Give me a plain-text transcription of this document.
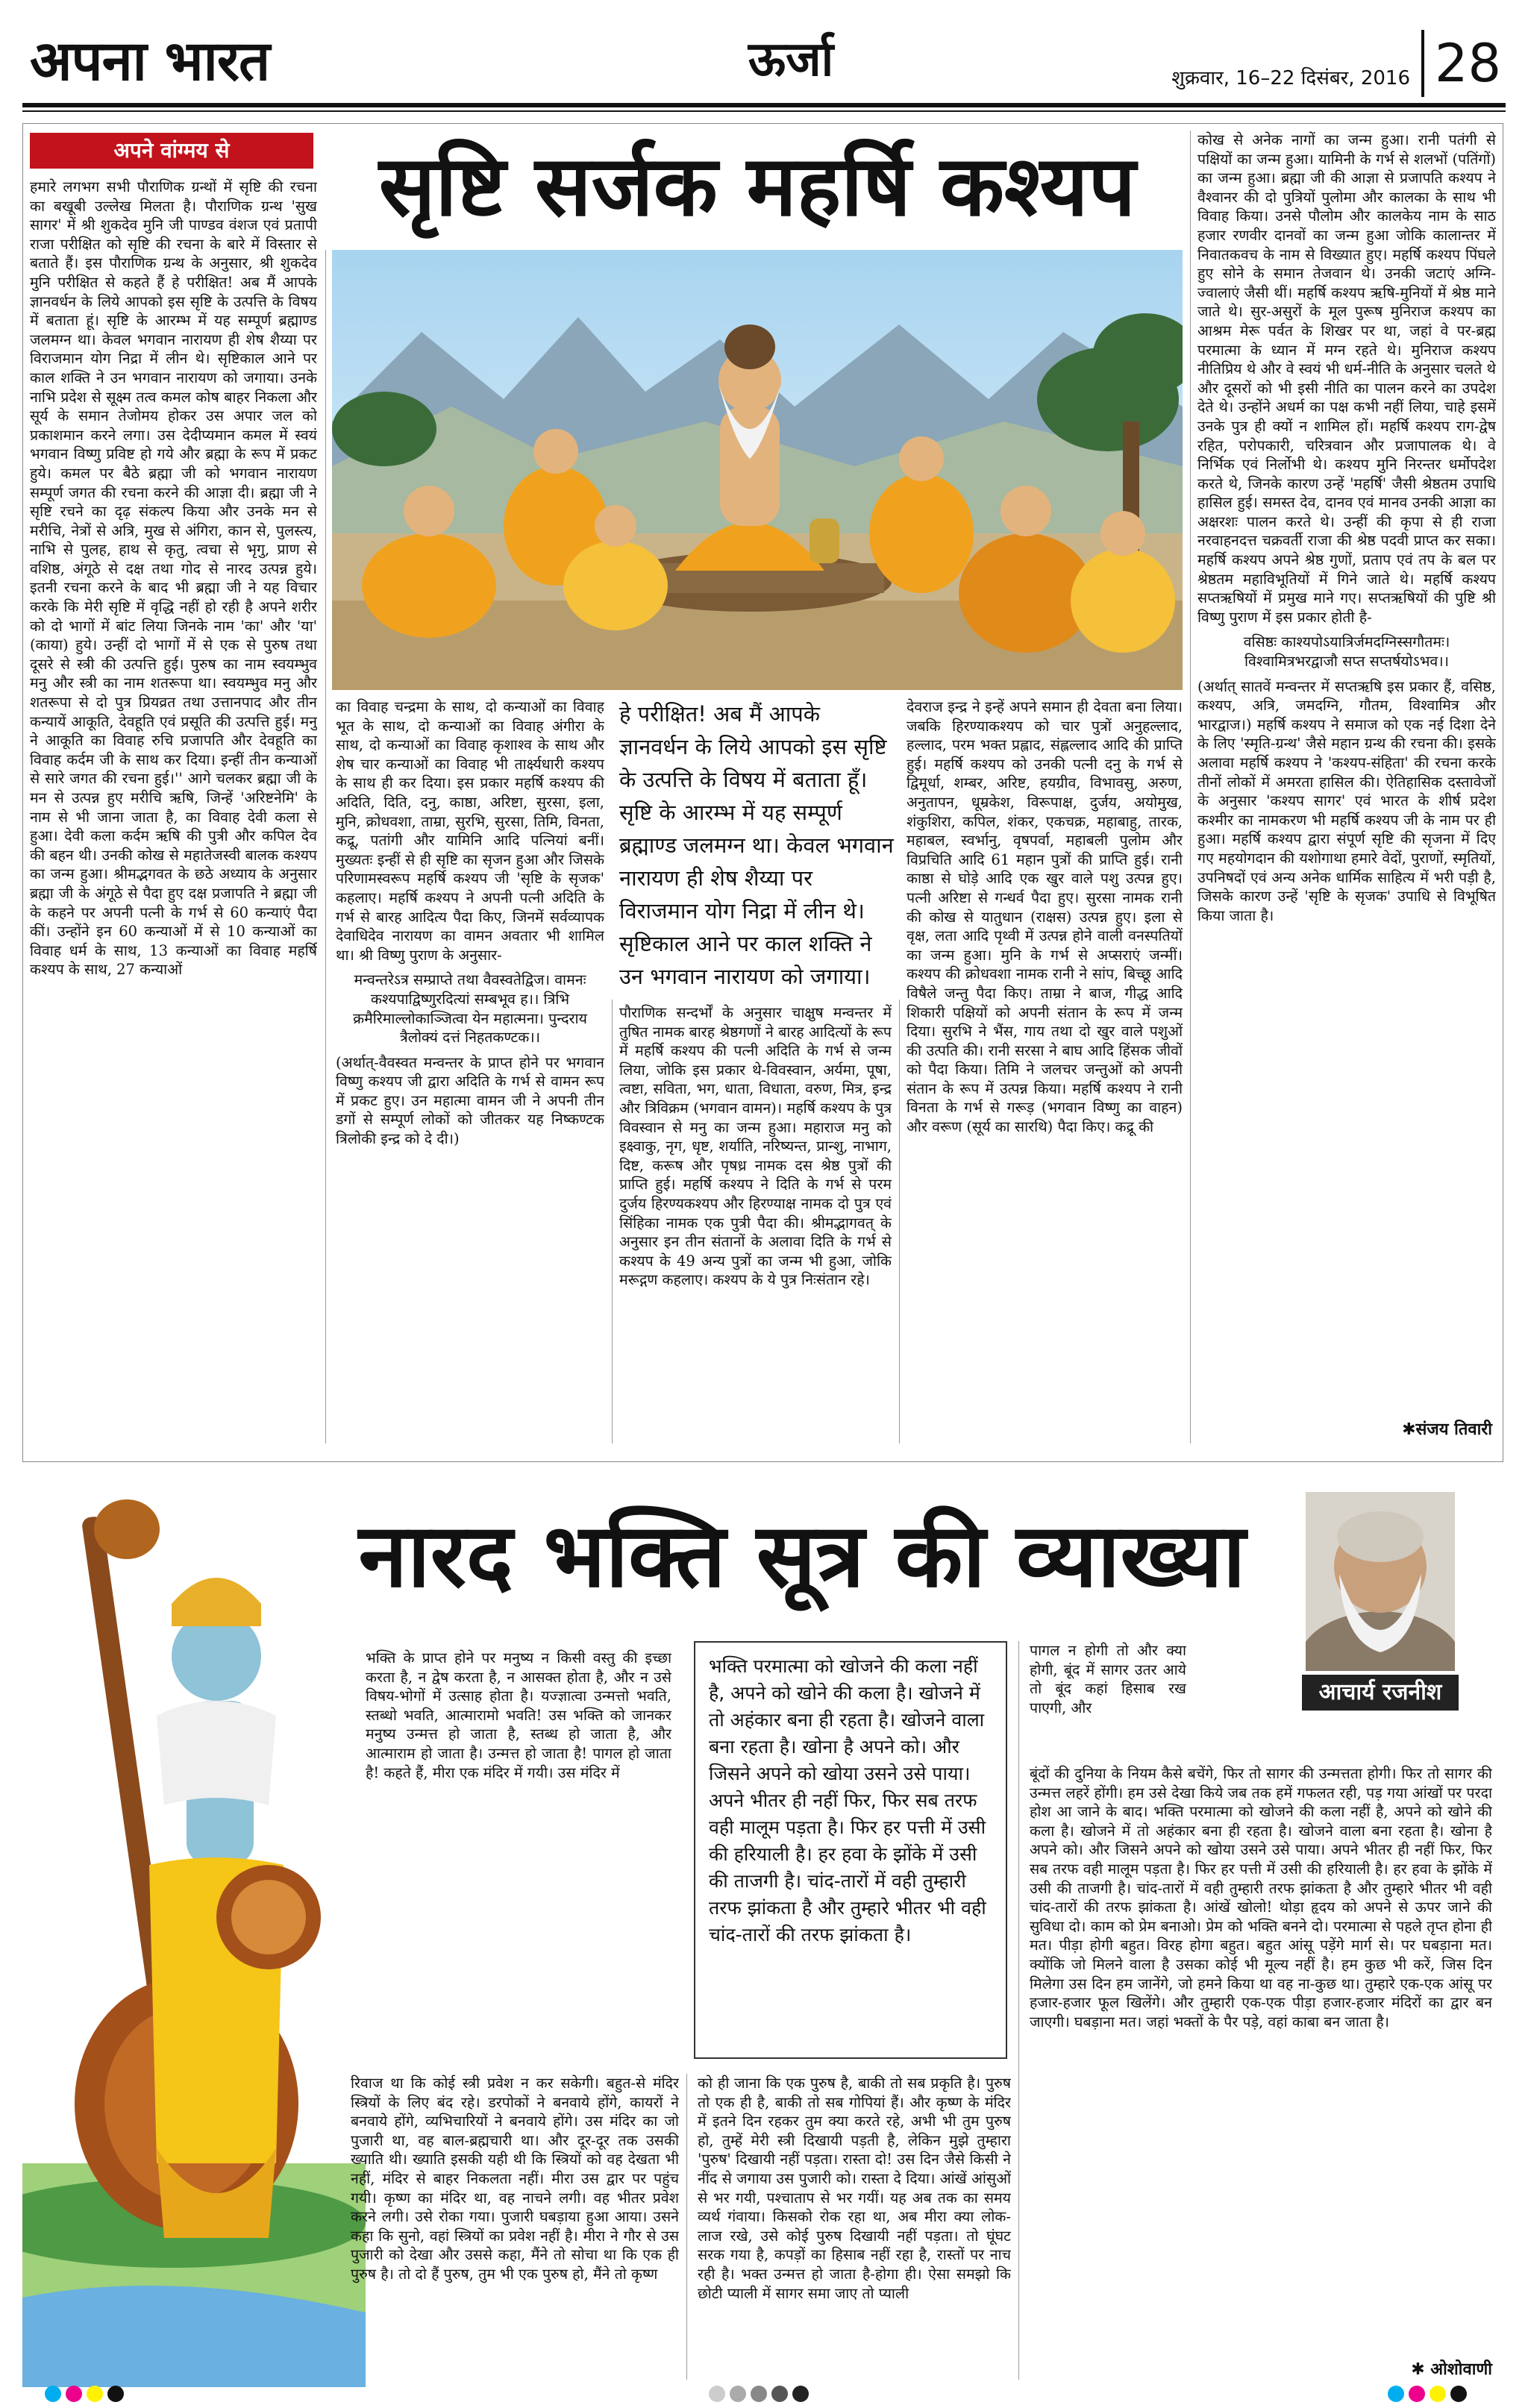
अपना भारत	ऊर्जा	शुक्रवार, 16–22 दिसंबर, 2016 28
अपने वांग्मय से	सृष्टि सर्जक महर्षि कश्यप

हमारे लगभग सभी पौराणिक ग्रन्थों में सृष्टि की रचना का बखूबी उल्लेख मिलता है। पौराणिक ग्रन्थ 'सुख सागर' में श्री शुकदेव मुनि जी पाण्डव वंशज एवं प्रतापी राजा परीक्षित को सृष्टि की रचना के बारे में विस्तार से बताते हैं। इस पौराणिक ग्रन्थ के अनुसार, श्री शुकदेव मुनि परीक्षित से कहते हैं हे परीक्षित! अब मैं आपके ज्ञानवर्धन के लिये आपको इस सृष्टि के उत्पत्ति के विषय में बताता हूं। सृष्टि के आरम्भ में यह सम्पूर्ण ब्रह्माण्ड जलमग्न था। केवल भगवान नारायण ही शेष शैय्या पर विराजमान योग निद्रा में लीन थे। सृष्टिकाल आने पर काल शक्ति ने उन भगवान नारायण को जगाया। उनके नाभि प्रदेश से सूक्ष्म तत्व कमल कोष बाहर निकला और सूर्य के समान तेजोमय होकर उस अपार जल को प्रकाशमान करने लगा। उस देदीप्यमान कमल में स्वयं भगवान विष्णु प्रविष्ट हो गये और ब्रह्मा के रूप में प्रकट हुये। कमल पर बैठे ब्रह्मा जी को भगवान नारायण सम्पूर्ण जगत की रचना करने की आज्ञा दी। ब्रह्मा जी ने सृष्टि रचने का दृढ़ संकल्प किया और उनके मन से मरीचि, नेत्रों से अत्रि, मुख से अंगिरा, कान से, पुलस्त्य, नाभि से पुलह, हाथ से कृतु, त्वचा से भृगु, प्राण से वशिष्ठ, अंगूठे से दक्ष तथा गोद से नारद उत्पन्न हुये। इतनी रचना करने के बाद भी ब्रह्मा जी ने यह विचार करके कि मेरी सृष्टि में वृद्धि नहीं हो रही है अपने शरीर को दो भागों में बांट लिया जिनके नाम 'का' और 'या' (काया) हुये। उन्हीं दो भागों में से एक से पुरुष तथा दूसरे से स्त्री की उत्पत्ति हुई। पुरुष का नाम स्वयम्भुव मनु और स्त्री का नाम शतरूपा था। स्वयम्भुव मनु और शतरूपा से दो पुत्र प्रियव्रत तथा उत्तानपाद और तीन कन्यायें आकूति, देवहूति एवं प्रसूति की उत्पत्ति हुई। मनु ने आकूति का विवाह रुचि प्रजापति और देवहूति का विवाह कर्दम जी के साथ कर दिया। इन्हीं तीन कन्याओं से सारे जगत की रचना हुई।'' आगे चलकर ब्रह्मा जी के मन से उत्पन्न हुए मरीचि ऋषि, जिन्हें 'अरिष्टनेमि' के नाम से भी जाना जाता है, का विवाह देवी कला से हुआ। देवी कला कर्दम ऋषि की पुत्री और कपिल देव की बहन थी। उनकी कोख से महातेजस्वी बालक कश्यप का जन्म हुआ। श्रीमद्भगवत के छठे अध्याय के अनुसार ब्रह्मा जी के अंगूठे से पैदा हुए दक्ष प्रजापति ने ब्रह्मा जी के कहने पर अपनी पत्नी के गर्भ से 60 कन्याएं पैदा कीं। उन्होंने इन 60 कन्याओं में से 10 कन्याओं का विवाह धर्म के साथ, 13 कन्याओं का विवाह महर्षि कश्यप के साथ, 27 कन्याओं

का विवाह चन्द्रमा के साथ, दो कन्याओं का विवाह भूत के साथ, दो कन्याओं का विवाह अंगीरा के साथ, दो कन्याओं का विवाह कृशाश्व के साथ और शेष चार कन्याओं का विवाह भी तार्क्ष्यधारी कश्यप के साथ ही कर दिया। इस प्रकार महर्षि कश्यप की अदिति, दिति, दनु, काष्ठा, अरिष्टा, सुरसा, इला, मुनि, क्रोधवशा, ताम्रा, सुरभि, सुरसा, तिमि, विनता, कद्रू, पतांगी और यामिनि आदि पत्नियां बनीं। मुख्यतः इन्हीं से ही सृष्टि का सृजन हुआ और जिसके परिणामस्वरूप महर्षि कश्यप जी 'सृष्टि के सृजक' कहलाए। महर्षि कश्यप ने अपनी पत्नी अदिति के गर्भ से बारह आदित्य पैदा किए, जिनमें सर्वव्यापक देवाधिदेव नारायण का वामन अवतार भी शामिल था। श्री विष्णु पुराण के अनुसार-

मन्वन्तरेऽत्र सम्प्राप्ते तथा वैवस्वतेद्विज। वामनः कश्यपाद्विष्णुरदित्यां सम्बभूव ह।। त्रिभि क्रमैरिमाल्लोकाञ्जित्वा येन महात्मना। पुन्दराय त्रैलोक्यं दत्तं निहतकण्टक।।

(अर्थात्-वैवस्वत मन्वन्तर के प्राप्त होने पर भगवान विष्णु कश्यप जी द्वारा अदिति के गर्भ से वामन रूप में प्रकट हुए। उन महात्मा वामन जी ने अपनी तीन डगों से सम्पूर्ण लोकों को जीतकर यह निष्कण्टक त्रिलोकी इन्द्र को दे दी।)

हे परीक्षित! अब मैं आपके ज्ञानवर्धन के लिये आपको इस सृष्टि के उत्पत्ति के विषय में बताता हूँ। सृष्टि के आरम्भ में यह सम्पूर्ण ब्रह्माण्ड जलमग्न था। केवल भगवान नारायण ही शेष शैय्या पर विराजमान योग निद्रा में लीन थे। सृष्टिकाल आने पर काल शक्ति ने उन भगवान नारायण को जगाया।

पौराणिक सन्दर्भों के अनुसार चाक्षुष मन्वन्तर में तुषित नामक बारह श्रेष्ठगणों ने बारह आदित्यों के रूप में महर्षि कश्यप की पत्नी अदिति के गर्भ से जन्म लिया, जोकि इस प्रकार थे-विवस्वान, अर्यमा, पूषा, त्वष्टा, सविता, भग, धाता, विधाता, वरुण, मित्र, इन्द्र और त्रिविक्रम (भगवान वामन)। महर्षि कश्यप के पुत्र विवस्वान से मनु का जन्म हुआ। महाराज मनु को इक्ष्वाकु, नृग, धृष्ट, शर्याति, नरिष्यन्त, प्रान्शु, नाभाग, दिष्ट, करूष और पृषध्र नामक दस श्रेष्ठ पुत्रों की प्राप्ति हुई। महर्षि कश्यप ने दिति के गर्भ से परम दुर्जय हिरण्यकश्यप और हिरण्याक्ष नामक दो पुत्र एवं सिंहिका नामक एक पुत्री पैदा की। श्रीमद्भागवत् के अनुसार इन तीन संतानों के अलावा दिति के गर्भ से कश्यप के 49 अन्य पुत्रों का जन्म भी हुआ, जोकि मरूद्गण कहलाए। कश्यप के ये पुत्र निःसंतान रहे।

देवराज इन्द्र ने इन्हें अपने समान ही देवता बना लिया। जबकि हिरण्याकश्यप को चार पुत्रों अनुहल्लाद, हल्लाद, परम भक्त प्रह्लाद, संह्लल्लाद आदि की प्राप्ति हुई। महर्षि कश्यप को उनकी पत्नी दनु के गर्भ से द्विमूर्धा, शम्बर, अरिष्ट, हयग्रीव, विभावसु, अरुण, अनुतापन, धूम्रकेश, विरूपाक्ष, दुर्जय, अयोमुख, शंकुशिरा, कपिल, शंकर, एकचक्र, महाबाहु, तारक, महाबल, स्वर्भानु, वृषपर्वा, महाबली पुलोम और विप्रचिति आदि 61 महान पुत्रों की प्राप्ति हुई। रानी काष्ठा से घोड़े आदि एक खुर वाले पशु उत्पन्न हुए। पत्नी अरिष्टा से गन्धर्व पैदा हुए। सुरसा नामक रानी की कोख से यातुधान (राक्षस) उत्पन्न हुए। इला से वृक्ष, लता आदि पृथ्वी में उत्पन्न होने वाली वनस्पतियों का जन्म हुआ। मुनि के गर्भ से अप्सराएं जन्मीं। कश्यप की क्रोधवशा नामक रानी ने सांप, बिच्छू आदि विषैले जन्तु पैदा किए। ताम्रा ने बाज, गीद्ध आदि शिकारी पक्षियों को अपनी संतान के रूप में जन्म दिया। सुरभि ने भैंस, गाय तथा दो खुर वाले पशुओं की उत्पति की। रानी सरसा ने बाघ आदि हिंसक जीवों को पैदा किया। तिमि ने जलचर जन्तुओं को अपनी संतान के रूप में उत्पन्न किया। महर्षि कश्यप ने रानी विनता के गर्भ से गरूड़ (भगवान विष्णु का वाहन) और वरूण (सूर्य का सारथि) पैदा किए। कद्रू की

कोख से अनेक नागों का जन्म हुआ। रानी पतंगी से पक्षियों का जन्म हुआ। यामिनी के गर्भ से शलभों (पतिंगों) का जन्म हुआ। ब्रह्मा जी की आज्ञा से प्रजापति कश्यप ने वैश्वानर की दो पुत्रियों पुलोमा और कालका के साथ भी विवाह किया। उनसे पौलोम और कालकेय नाम के साठ हजार रणवीर दानवों का जन्म हुआ जोकि कालान्तर में निवातकवच के नाम से विख्यात हुए। महर्षि कश्यप पिंघले हुए सोने के समान तेजवान थे। उनकी जटाएं अग्नि-ज्वालाएं जैसी थीं। महर्षि कश्यप ऋषि-मुनियों में श्रेष्ठ माने जाते थे। सुर-असुरों के मूल पुरूष मुनिराज कश्यप का आश्रम मेरू पर्वत के शिखर पर था, जहां वे पर-ब्रह्म परमात्मा के ध्यान में मग्न रहते थे। मुनिराज कश्यप नीतिप्रिय थे और वे स्वयं भी धर्म-नीति के अनुसार चलते थे और दूसरों को भी इसी नीति का पालन करने का उपदेश देते थे। उन्होंने अधर्म का पक्ष कभी नहीं लिया, चाहे इसमें उनके पुत्र ही क्यों न शामिल हों। महर्षि कश्यप राग-द्वेष रहित, परोपकारी, चरित्रवान और प्रजापालक थे। वे निर्भिक एवं निर्लोभी थे। कश्यप मुनि निरन्तर धर्मोपदेश करते थे, जिनके कारण उन्हें 'महर्षि' जैसी श्रेष्ठतम उपाधि हासिल हुई। समस्त देव, दानव एवं मानव उनकी आज्ञा का अक्षरशः पालन करते थे। उन्हीं की कृपा से ही राजा नरवाहनदत्त चक्रवर्ती राजा की श्रेष्ठ पदवी प्राप्त कर सका। महर्षि कश्यप अपने श्रेष्ठ गुणों, प्रताप एवं तप के बल पर श्रेष्ठतम महाविभूतियों में गिने जाते थे। महर्षि कश्यप सप्तऋषियों में प्रमुख माने गए। सप्तऋषियों की पुष्टि श्री विष्णु पुराण में इस प्रकार होती है-

वसिष्ठः काश्यपोऽयात्रिर्जमदग्निस्सगौतमः। विश्वामित्रभरद्वाजौ सप्त सप्तर्षयोऽभव।।

(अर्थात् सातवें मन्वन्तर में सप्तऋषि इस प्रकार हैं, वसिष्ठ, कश्यप, अत्रि, जमदग्नि, गौतम, विश्वामित्र और भारद्वाज।) महर्षि कश्यप ने समाज को एक नई दिशा देने के लिए 'स्मृति-ग्रन्थ' जैसे महान ग्रन्थ की रचना की। इसके अलावा महर्षि कश्यप ने 'कश्यप-संहिता' की रचना करके तीनों लोकों में अमरता हासिल की। ऐतिहासिक दस्तावेजों के अनुसार 'कश्यप सागर' एवं भारत के शीर्ष प्रदेश कश्मीर का नामकरण भी महर्षि कश्यप जी के नाम पर ही हुआ। महर्षि कश्यप द्वारा संपूर्ण सृष्टि की सृजना में दिए गए महयोगदान की यशोगाथा हमारे वेदों, पुराणों, स्मृतियों, उपनिषदों एवं अन्य अनेक धार्मिक साहित्य में भरी पड़ी है, जिसके कारण उन्हें 'सृष्टि के सृजक' उपाधि से विभूषित किया जाता है।

✱संजय तिवारी
नारद भक्ति सूत्र की व्याख्या
आचार्य रजनीश

भक्ति के प्राप्त होने पर मनुष्य न किसी वस्तु की इच्छा करता है, न द्वेष करता है, न आसक्त होता है, और न उसे विषय-भोगों में उत्साह होता है। यज्ज्ञात्वा उन्मत्तो भवति, स्तब्धो भवति, आत्मारामो भवति! उस भक्ति को जानकर मनुष्य उन्मत्त हो जाता है, स्तब्ध हो जाता है, और आत्माराम हो जाता है। उन्मत्त हो जाता है! पागल हो जाता है! कहते हैं, मीरा एक मंदिर में गयी। उस मंदिर में

भक्ति परमात्मा को खोजने की कला नहीं है, अपने को खोने की कला है। खोजने में तो अहंकार बना ही रहता है। खोजने वाला बना रहता है। खोना है अपने को। और जिसने अपने को खोया उसने उसे पाया। अपने भीतर ही नहीं फिर, फिर सब तरफ वही मालूम पड़ता है। फिर हर पत्ती में उसी की हरियाली है। हर हवा के झोंके में उसी की ताजगी है। चांद-तारों में वही तुम्हारी तरफ झांकता है और तुम्हारे भीतर भी वही चांद-तारों की तरफ झांकता है।

पागल न होगी तो और क्या होगी, बूंद में सागर उतर आये तो बूंद कहां हिसाब रख पाएगी, और

रिवाज था कि कोई स्त्री प्रवेश न कर सकेगी। बहुत-से मंदिर स्त्रियों के लिए बंद रहे। डरपोकों ने बनवाये होंगे, कायरों ने बनवाये होंगे, व्यभिचारियों ने बनवाये होंगे। उस मंदिर का जो पुजारी था, वह बाल-ब्रह्मचारी था। और दूर-दूर तक उसकी ख्याति थी। ख्याति इसकी यही थी कि स्त्रियों को वह देखता भी नहीं, मंदिर से बाहर निकलता नहीं। मीरा उस द्वार पर पहुंच गयी। कृष्ण का मंदिर था, वह नाचने लगी। वह भीतर प्रवेश करने लगी। उसे रोका गया। पुजारी घबड़ाया हुआ आया। उसने कहा कि सुनो, वहां स्त्रियों का प्रवेश नहीं है। मीरा ने गौर से उस पुजारी को देखा और उससे कहा, मैंने तो सोचा था कि एक ही पुरुष है। तो दो हैं पुरुष, तुम भी एक पुरुष हो, मैंने तो कृष्ण

को ही जाना कि एक पुरुष है, बाकी तो सब प्रकृति है। पुरुष तो एक ही है, बाकी तो सब गोपियां हैं। और कृष्ण के मंदिर में इतने दिन रहकर तुम क्या करते रहे, अभी भी तुम पुरुष हो, तुम्हें मेरी स्त्री दिखायी पड़ती है, लेकिन मुझे तुम्हारा 'पुरुष' दिखायी नहीं पड़ता। रास्ता दो! उस दिन जैसे किसी ने नींद से जगाया उस पुजारी को। रास्ता दे दिया। आंखें आंसुओं से भर गयी, पश्चाताप से भर गयीं। यह अब तक का समय व्यर्थ गंवाया। किसको रोक रहा था, अब मीरा क्या लोक-लाज रखे, उसे कोई पुरुष दिखायी नहीं पड़ता। तो घूंघट सरक गया है, कपड़ों का हिसाब नहीं रहा है, रास्तों पर नाच रही है। भक्त उन्मत्त हो जाता है-होगा ही। ऐसा समझो कि छोटी प्याली में सागर समा जाए तो प्याली

बूंदों की दुनिया के नियम कैसे बचेंगे, फिर तो सागर की उन्मत्तता होगी। फिर तो सागर की उन्मत्त लहरें होंगी। हम उसे देखा किये जब तक हमें गफलत रही, पड़ गया आंखों पर परदा होश आ जाने के बाद। भक्ति परमात्मा को खोजने की कला नहीं है, अपने को खोने की कला है। खोजने में तो अहंकार बना ही रहता है। खोजने वाला बना रहता है। खोना है अपने को। और जिसने अपने को खोया उसने उसे पाया। अपने भीतर ही नहीं फिर, फिर सब तरफ वही मालूम पड़ता है। फिर हर पत्ती में उसी की हरियाली है। हर हवा के झोंके में उसी की ताजगी है। चांद-तारों में वही तुम्हारी तरफ झांकता है और तुम्हारे भीतर भी वही चांद-तारों की तरफ झांकता है। आंखें खोलो! थोड़ा हृदय को अपने से ऊपर जाने की सुविधा दो। काम को प्रेम बनाओ। प्रेम को भक्ति बनने दो। परमात्मा से पहले तृप्त होना ही मत। पीड़ा होगी बहुत। विरह होगा बहुत। बहुत आंसू पड़ेंगे मार्ग से। पर घबड़ाना मत। क्योंकि जो मिलने वाला है उसका कोई भी मूल्य नहीं है। हम कुछ भी करें, जिस दिन मिलेगा उस दिन हम जानेंगे, जो हमने किया था वह ना-कुछ था। तुम्हारे एक-एक आंसू पर हजार-हजार फूल खिलेंगे। और तुम्हारी एक-एक पीड़ा हजार-हजार मंदिरों का द्वार बन जाएगी। घबड़ाना मत। जहां भक्तों के पैर पड़े, वहां काबा बन जाता है।

✱ ओशोवाणी
